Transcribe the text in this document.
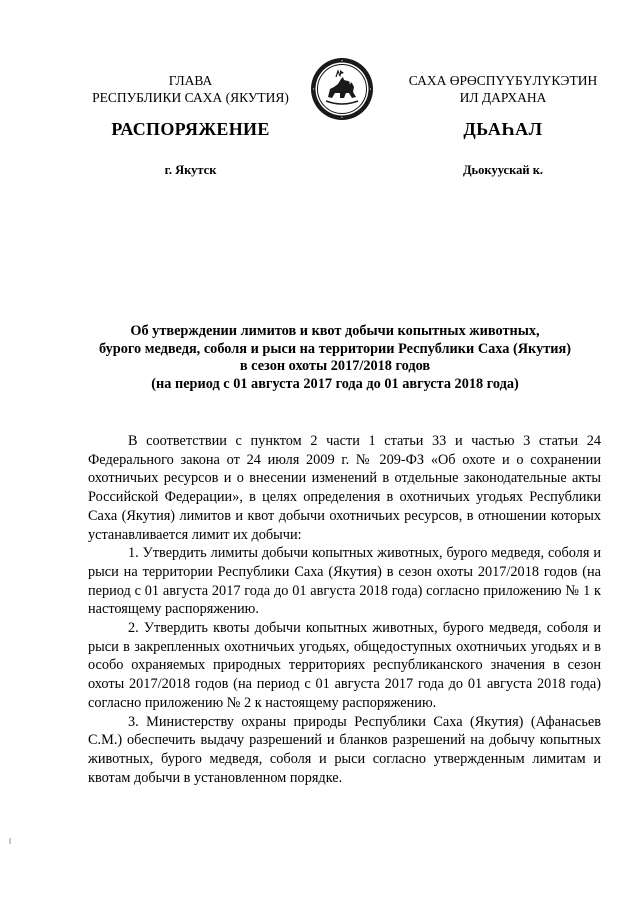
ГЛАВА
РЕСПУБЛИКИ САХА (ЯКУТИЯ)
САХА ӨРӨСПҮҮБҮЛҮКЭТИН
ИЛ ДАРХАНА
РАСПОРЯЖЕНИЕ	ДЬАҺАЛ
г. Якутск	Дьокуускай к.
Об утверждении лимитов и квот добычи копытных животных,
бурого медведя, соболя и рыси на территории Республики Саха (Якутия)
в сезон охоты 2017/2018 годов
(на период с 01 августа 2017 года до 01 августа 2018 года)

В соответствии с пунктом 2 части 1 статьи 33 и частью 3 статьи 24 Федерального закона от 24 июля 2009 г. № 209-ФЗ «Об охоте и о сохранении охотничьих ресурсов и о внесении изменений в отдельные законодательные акты Российской Федерации», в целях определения в охотничьих угодьях Республики Саха (Якутия) лимитов и квот добычи охотничьих ресурсов, в отношении которых устанавливается лимит их добычи:

1. Утвердить лимиты добычи копытных животных, бурого медведя, соболя и рыси на территории Республики Саха (Якутия) в сезон охоты 2017/2018 годов (на период с 01 августа 2017 года до 01 августа 2018 года) согласно приложению № 1 к настоящему распоряжению.

2. Утвердить квоты добычи копытных животных, бурого медведя, соболя и рыси в закрепленных охотничьих угодьях, общедоступных охотничьих угодьях и в особо охраняемых природных территориях республиканского значения в сезон охоты 2017/2018 годов (на период с 01 августа 2017 года до 01 августа 2018 года) согласно приложению № 2 к настоящему распоряжению.

3. Министерству охраны природы Республики Саха (Якутия) (Афанасьев С.М.) обеспечить выдачу разрешений и бланков разрешений на добычу копытных животных, бурого медведя, соболя и рыси согласно утвержденным лимитам и квотам добычи в установленном порядке.
